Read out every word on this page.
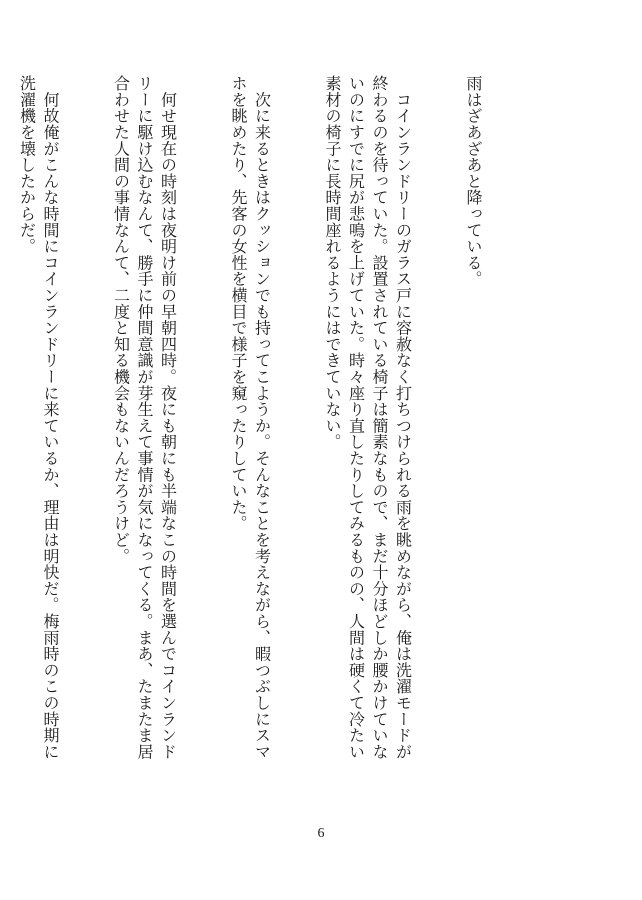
雨はざあざあと降っている。

　コインランドリーのガラス戸に容赦なく打ちつけられる雨を眺めながら、俺は洗濯モードが終わるのを待っていた。設置されている椅子は簡素なもので、まだ十分ほどしか腰かけていないのにすでに尻が悲鳴を上げていた。時々座り直したりしてみるものの、人間は硬くて冷たい素材の椅子に長時間座れるようにはできていない。

　次に来るときはクッションでも持ってこようか。そんなことを考えながら、暇つぶしにスマホを眺めたり、先客の女性を横目で様子を窺ったりしていた。

　何せ現在の時刻は夜明け前の早朝四時。夜にも朝にも半端なこの時間を選んでコインランドリーに駆け込むなんて、勝手に仲間意識が芽生えて事情が気になってくる。まあ、たまたま居合わせた人間の事情なんて、二度と知る機会もないんだろうけど。

　何故俺がこんな時間にコインランドリーに来ているか、理由は明快だ。梅雨時のこの時期に洗濯機を壊したからだ。

6
